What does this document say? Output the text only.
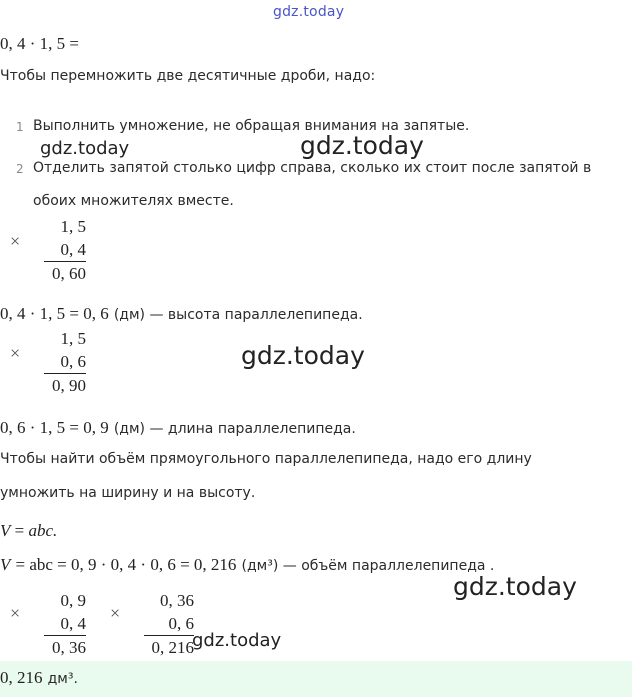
gdz.today
0, 4 · 1, 5 =
Чтобы перемножить две десятичные дроби, надо:
1 Выполнить умножение, не обращая внимания на запятые.
gdz.today	gdz.today
2 Отделить запятой столько цифр справа, сколько их стоит после запятой в
обоих множителях вместе.
×
1, 5
0, 4
0, 60
0, 4 · 1, 5 = 0, 6 (дм) — высота параллелепипеда.
×
1, 5
0, 6
0, 90
gdz.today
0, 6 · 1, 5 = 0, 9 (дм) — длина параллелепипеда.
Чтобы найти объём прямоугольного параллелепипеда, надо его длину
умножить на ширину и на высоту.
V = abc.
V = abc = 0, 9 · 0, 4 · 0, 6 = 0, 216 (дм³) — объём параллелепипеда .
gdz.today
×
0, 9
0, 4
0, 36
×
0, 36
0, 6
0, 216
gdz.today
0, 216 дм³.
